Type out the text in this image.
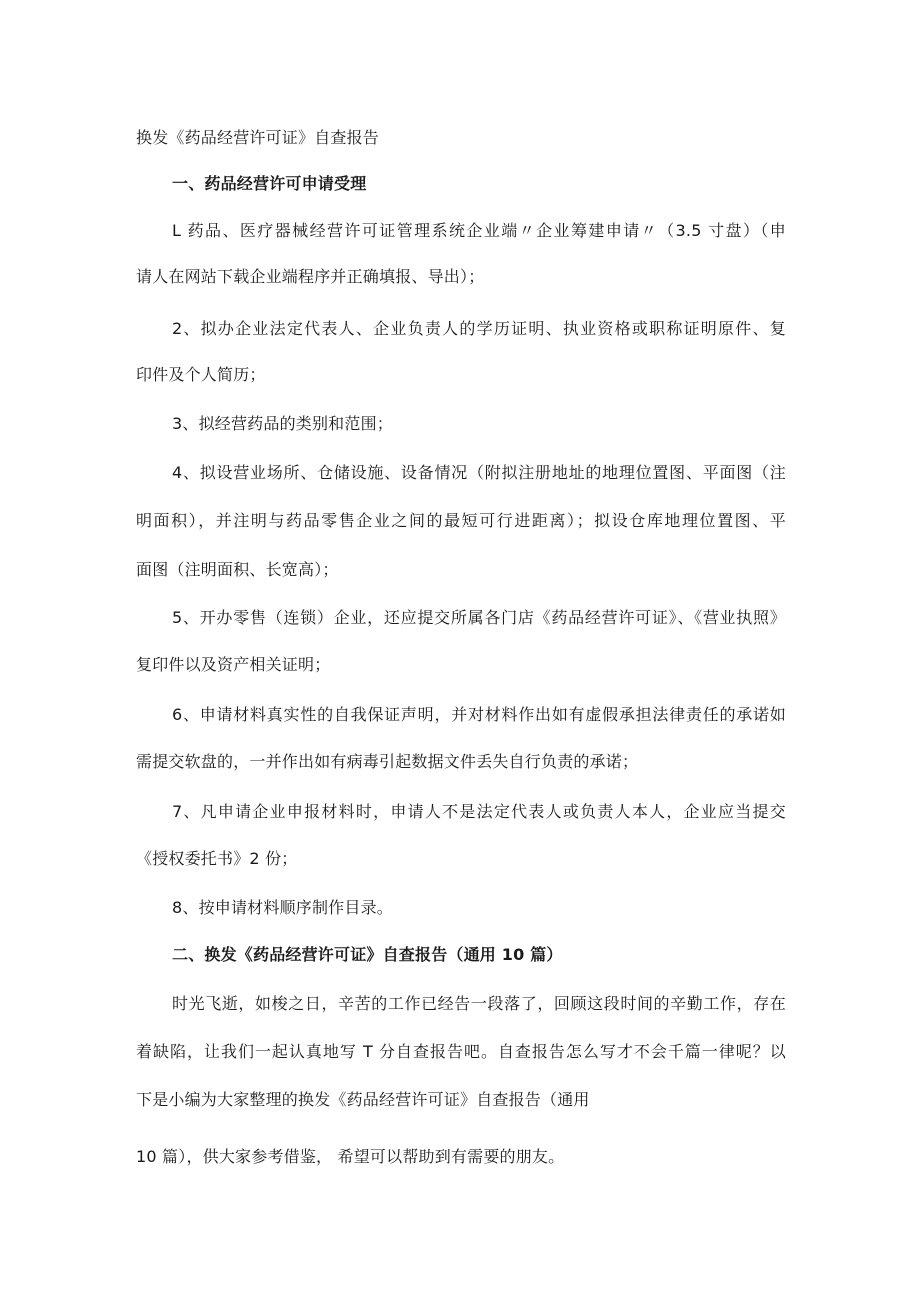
换发《药品经营许可证》自查报告
一、药品经营许可申请受理
L 药品、医疗器械经营许可证管理系统企业端〃企业筹建申请〃（3.5 寸盘）（申
请人在网站下载企业端程序并正确填报、导出）；
2、拟办企业法定代表人、企业负责人的学历证明、执业资格或职称证明原件、复
印件及个人简历；
3、拟经营药品的类别和范围；
4、拟设营业场所、仓储设施、设备情况（附拟注册地址的地理位置图、平面图（注
明面积），并注明与药品零售企业之间的最短可行进距离）；拟设仓库地理位置图、平
面图（注明面积、长宽高）；
5、开办零售（连锁）企业，还应提交所属各门店《药品经营许可证》、《营业执照》
复印件以及资产相关证明；
6、申请材料真实性的自我保证声明，并对材料作出如有虚假承担法律责任的承诺如
需提交软盘的，一并作出如有病毒引起数据文件丢失自行负责的承诺；
7、凡申请企业申报材料时，申请人不是法定代表人或负责人本人，企业应当提交
《授权委托书》2 份；
8、按申请材料顺序制作目录。
二、换发《药品经营许可证》自查报告（通用 10 篇）
时光飞逝，如梭之日，辛苦的工作已经告一段落了，回顾这段时间的辛勤工作，存在
着缺陷，让我们一起认真地写 T 分自查报告吧。自查报告怎么写才不会千篇一律呢？以
下是小编为大家整理的换发《药品经营许可证》自查报告（通用
10 篇），供大家参考借鉴， 希望可以帮助到有需要的朋友。
